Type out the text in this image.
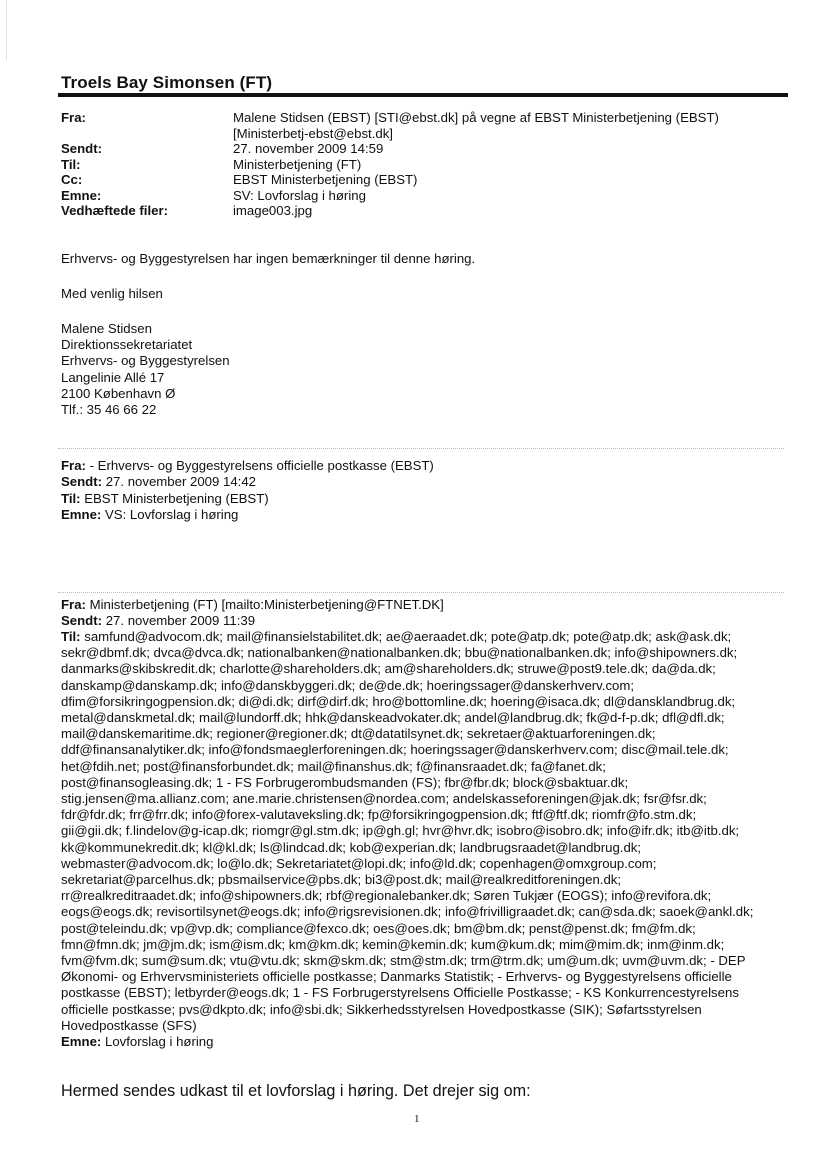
Troels Bay Simonsen (FT)
Fra:	Malene Stidsen (EBST) [STI@ebst.dk] på vegne af EBST Ministerbetjening (EBST)
[Ministerbetj-ebst@ebst.dk]
Sendt:	27. november 2009 14:59
Til:	Ministerbetjening (FT)
Cc:	EBST Ministerbetjening (EBST)
Emne:	SV: Lovforslag i høring
Vedhæftede filer:	image003.jpg
Erhvervs- og Byggestyrelsen har ingen bemærkninger til denne høring.
Med venlig hilsen
Malene Stidsen
Direktionssekretariatet
Erhvervs- og Byggestyrelsen
Langelinie Allé 17
2100 København Ø
Tlf.: 35 46 66 22
Fra: - Erhvervs- og Byggestyrelsens officielle postkasse (EBST)
Sendt: 27. november 2009 14:42
Til: EBST Ministerbetjening (EBST)
Emne: VS: Lovforslag i høring
Fra: Ministerbetjening (FT) [mailto:Ministerbetjening@FTNET.DK]
Sendt: 27. november 2009 11:39
Til: samfund@advocom.dk; mail@finansielstabilitet.dk; ae@aeraadet.dk; pote@atp.dk; pote@atp.dk; ask@ask.dk;
sekr@dbmf.dk; dvca@dvca.dk; nationalbanken@nationalbanken.dk; bbu@nationalbanken.dk; info@shipowners.dk;
danmarks@skibskredit.dk; charlotte@shareholders.dk; am@shareholders.dk; struwe@post9.tele.dk; da@da.dk;
danskamp@danskamp.dk; info@danskbyggeri.dk; de@de.dk; hoeringssager@danskerhverv.com;
dfim@forsikringogpension.dk; di@di.dk; dirf@dirf.dk; hro@bottomline.dk; hoering@isaca.dk; dl@dansklandbrug.dk;
metal@danskmetal.dk; mail@lundorff.dk; hhk@danskeadvokater.dk; andel@landbrug.dk; fk@d-f-p.dk; dfl@dfl.dk;
mail@danskemaritime.dk; regioner@regioner.dk; dt@datatilsynet.dk; sekretaer@aktuarforeningen.dk;
ddf@finansanalytiker.dk; info@fondsmaeglerforeningen.dk; hoeringssager@danskerhverv.com; disc@mail.tele.dk;
het@fdih.net; post@finansforbundet.dk; mail@finanshus.dk; f@finansraadet.dk; fa@fanet.dk;
post@finansogleasing.dk; 1 - FS Forbrugerombudsmanden (FS); fbr@fbr.dk; block@sbaktuar.dk;
stig.jensen@ma.allianz.com; ane.marie.christensen@nordea.com; andelskasseforeningen@jak.dk; fsr@fsr.dk;
fdr@fdr.dk; frr@frr.dk; info@forex-valutaveksling.dk; fp@forsikringogpension.dk; ftf@ftf.dk; riomfr@fo.stm.dk;
gii@gii.dk; f.lindelov@g-icap.dk; riomgr@gl.stm.dk; ip@gh.gl; hvr@hvr.dk; isobro@isobro.dk; info@ifr.dk; itb@itb.dk;
kk@kommunekredit.dk; kl@kl.dk; ls@lindcad.dk; kob@experian.dk; landbrugsraadet@landbrug.dk;
webmaster@advocom.dk; lo@lo.dk; Sekretariatet@lopi.dk; info@ld.dk; copenhagen@omxgroup.com;
sekretariat@parcelhus.dk; pbsmailservice@pbs.dk; bi3@post.dk; mail@realkreditforeningen.dk;
rr@realkreditraadet.dk; info@shipowners.dk; rbf@regionalebanker.dk; Søren Tukjær (EOGS); info@revifora.dk;
eogs@eogs.dk; revisortilsynet@eogs.dk; info@rigsrevisionen.dk; info@frivilligraadet.dk; can@sda.dk; saoek@ankl.dk;
post@teleindu.dk; vp@vp.dk; compliance@fexco.dk; oes@oes.dk; bm@bm.dk; penst@penst.dk; fm@fm.dk;
fmn@fmn.dk; jm@jm.dk; ism@ism.dk; km@km.dk; kemin@kemin.dk; kum@kum.dk; mim@mim.dk; inm@inm.dk;
fvm@fvm.dk; sum@sum.dk; vtu@vtu.dk; skm@skm.dk; stm@stm.dk; trm@trm.dk; um@um.dk; uvm@uvm.dk; - DEP
Økonomi- og Erhvervsministeriets officielle postkasse; Danmarks Statistik; - Erhvervs- og Byggestyrelsens officielle
postkasse (EBST); letbyrder@eogs.dk; 1 - FS Forbrugerstyrelsens Officielle Postkasse; - KS Konkurrencestyrelsens
officielle postkasse; pvs@dkpto.dk; info@sbi.dk; Sikkerhedsstyrelsen Hovedpostkasse (SIK); Søfartsstyrelsen
Hovedpostkasse (SFS)
Emne: Lovforslag i høring
Hermed sendes udkast til et lovforslag i høring. Det drejer sig om:
1
